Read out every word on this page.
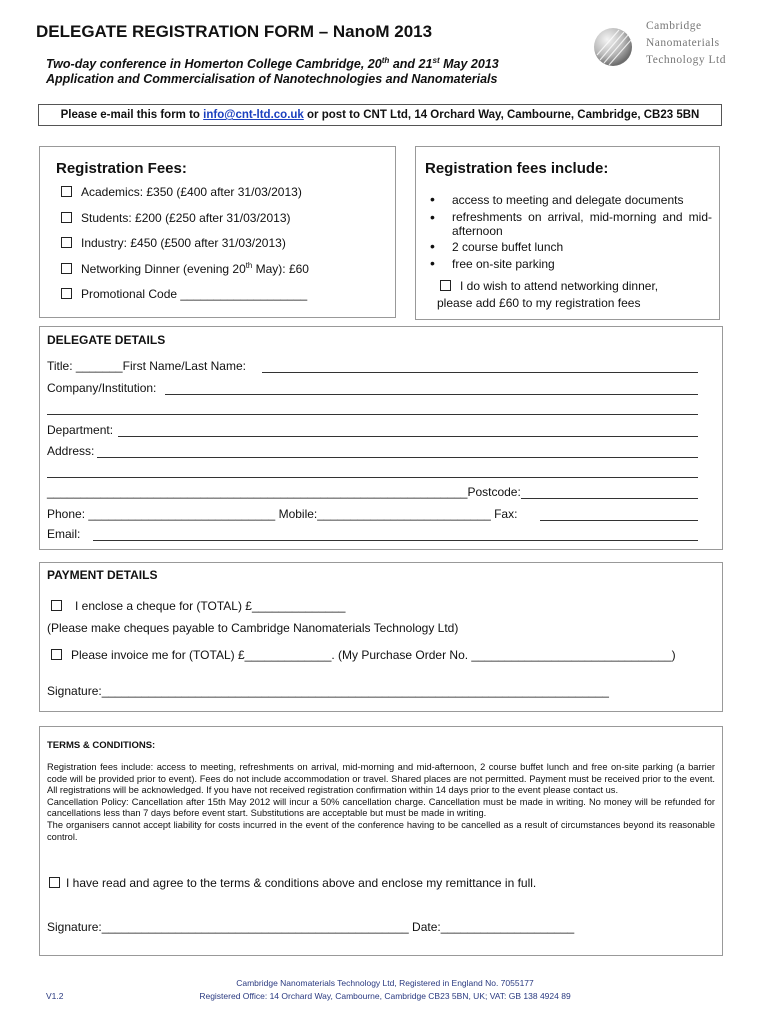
DELEGATE REGISTRATION FORM – NanoM 2013
Two-day conference in Homerton College Cambridge, 20th and 21st May 2013
Application and Commercialisation of Nanotechnologies and Nanomaterials
Cambridge
Nanomaterials
Technology Ltd
Please e-mail this form to info@cnt-ltd.co.uk or post to CNT Ltd, 14 Orchard Way, Cambourne, Cambridge, CB23 5BN
Registration Fees:
Academics: £350 (£400 after 31/03/2013)
Students: £200 (£250 after 31/03/2013)
Industry: £450 (£500 after 31/03/2013)
Networking Dinner (evening 20th May): £60
Promotional Code ___________________
Registration fees include:
• access to meeting and delegate documents
• refreshments on arrival, mid-morning and mid-afternoon
• 2 course buffet lunch
• free on-site parking
I do wish to attend networking dinner,
please add £60 to my registration fees
DELEGATE DETAILS
Title: _______First Name/Last Name:
Company/Institution:
Department:
Address:
_______________________________________________________________Postcode:
Phone: ____________________________ Mobile:__________________________ Fax:
Email:
PAYMENT DETAILS
I enclose a cheque for (TOTAL) £______________
(Please make cheques payable to Cambridge Nanomaterials Technology Ltd)
Please invoice me for (TOTAL) £_____________. (My Purchase Order No. ______________________________)
Signature:____________________________________________________________________________
TERMS & CONDITIONS:
Registration fees include: access to meeting, refreshments on arrival, mid-morning and mid-afternoon, 2 course buffet lunch and free on-site parking (a barrier code will be provided prior to event). Fees do not include accommodation or travel. Shared places are not permitted. Payment must be received prior to the event. All registrations will be acknowledged. If you have not received registration confirmation within 14 days prior to the event please contact us.
Cancellation Policy: Cancellation after 15th May 2012 will incur a 50% cancellation charge. Cancellation must be made in writing. No money will be refunded for cancellations less than 7 days before event start. Substitutions are acceptable but must be made in writing.
The organisers cannot accept liability for costs incurred in the event of the conference having to be cancelled as a result of circumstances beyond its reasonable control.
I have read and agree to the terms & conditions above and enclose my remittance in full.
Signature:______________________________________________ Date:____________________
Cambridge Nanomaterials Technology Ltd, Registered in England No. 7055177
Registered Office: 14 Orchard Way, Cambourne, Cambridge CB23 5BN, UK; VAT: GB 138 4924 89
V1.2
